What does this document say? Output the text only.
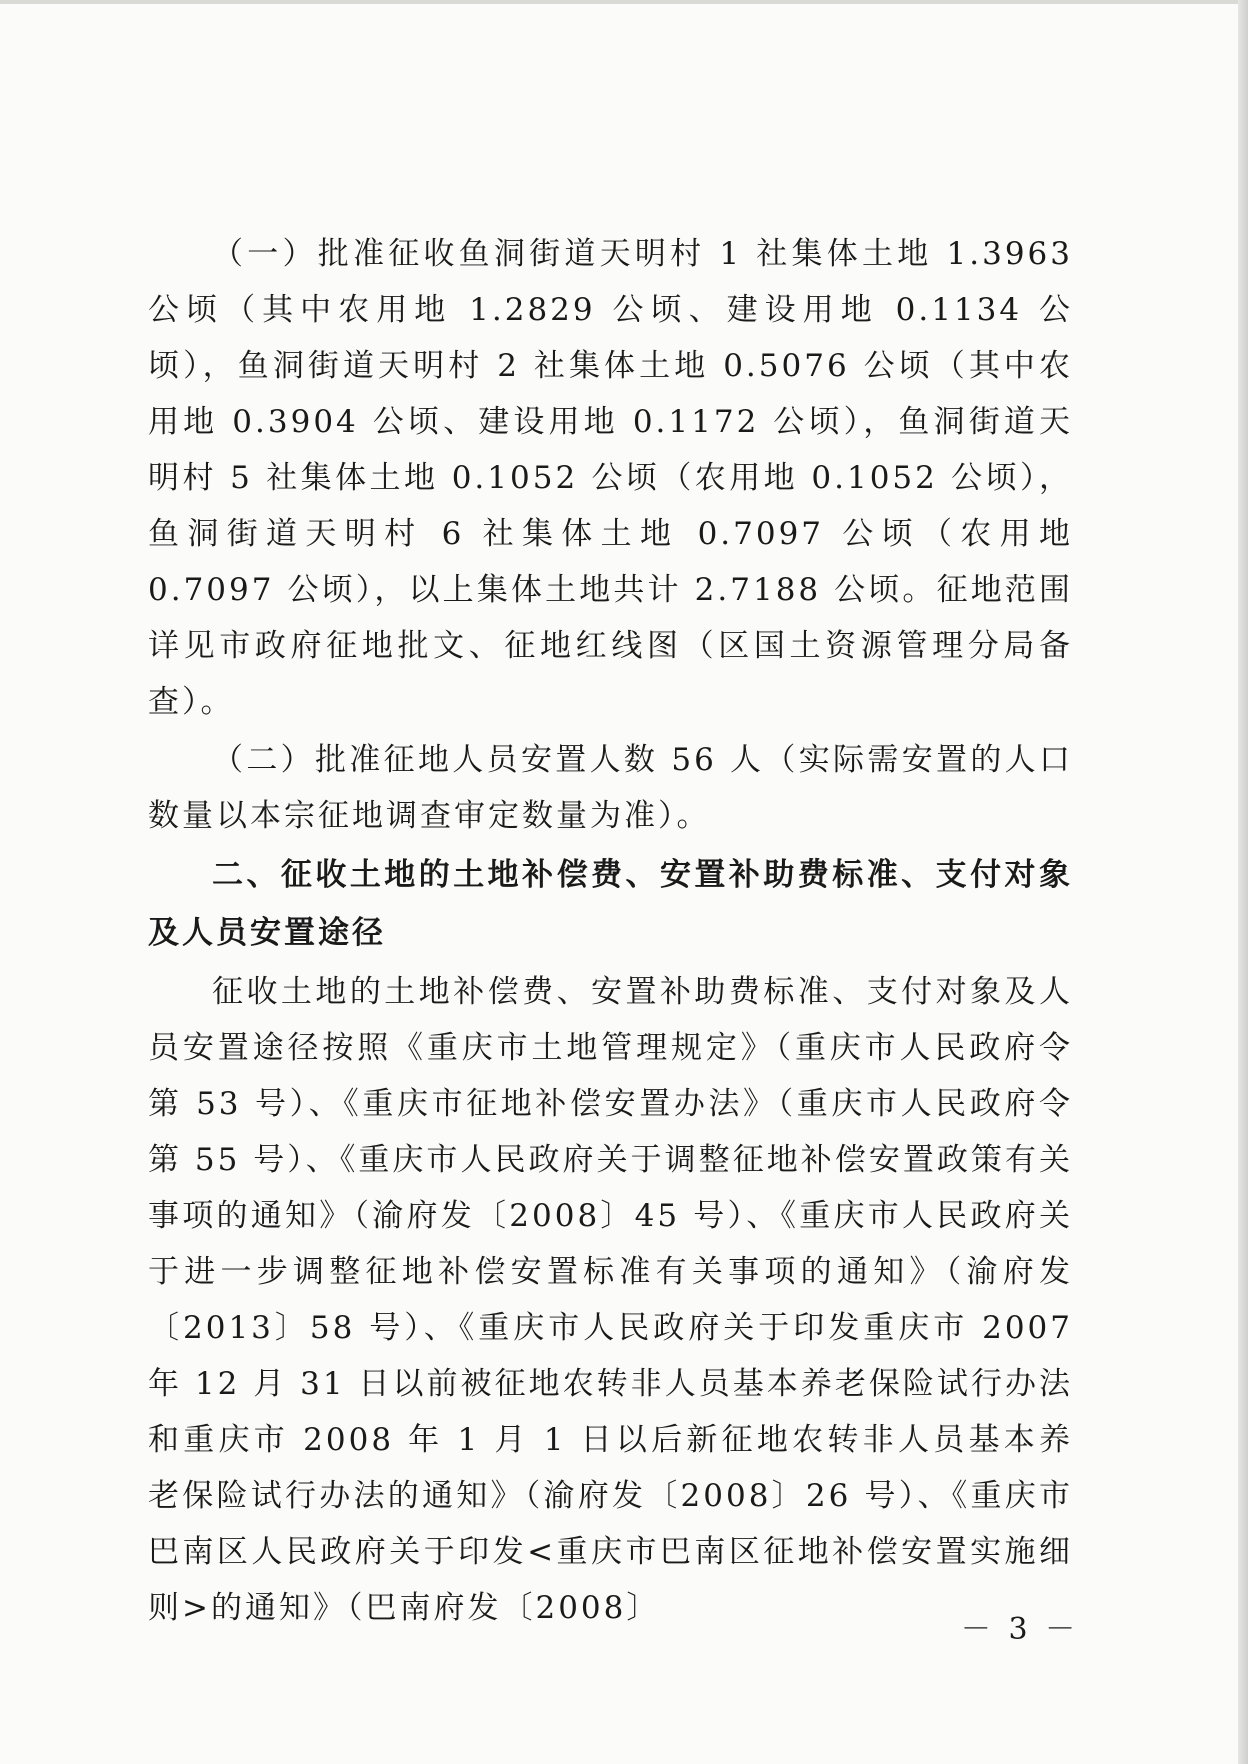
（一）批准征收鱼洞街道天明村 1 社集体土地 1.3963 公顷（其中农用地 1.2829 公顷、建设用地 0.1134 公顷），鱼洞街道天明村 2 社集体土地 0.5076 公顷（其中农用地 0.3904 公顷、建设用地 0.1172 公顷），鱼洞街道天明村 5 社集体土地 0.1052 公顷（农用地 0.1052 公顷），鱼洞街道天明村 6 社集体土地 0.7097 公顷（农用地 0.7097 公顷），以上集体土地共计 2.7188 公顷。征地范围详见市政府征地批文、征地红线图（区国土资源管理分局备查）。

（二）批准征地人员安置人数 56 人（实际需安置的人口数量以本宗征地调查审定数量为准）。

二、征收土地的土地补偿费、安置补助费标准、支付对象及人员安置途径

征收土地的土地补偿费、安置补助费标准、支付对象及人员安置途径按照《重庆市土地管理规定》（重庆市人民政府令第 53 号）、《重庆市征地补偿安置办法》（重庆市人民政府令第 55 号）、《重庆市人民政府关于调整征地补偿安置政策有关事项的通知》（渝府发〔2008〕45 号）、《重庆市人民政府关于进一步调整征地补偿安置标准有关事项的通知》（渝府发〔2013〕58 号）、《重庆市人民政府关于印发重庆市 2007 年 12 月 31 日以前被征地农转非人员基本养老保险试行办法和重庆市 2008 年 1 月 1 日以后新征地农转非人员基本养老保险试行办法的通知》（渝府发〔2008〕26 号）、《重庆市巴南区人民政府关于印发<重庆市巴南区征地补偿安置实施细则>的通知》（巴南府发〔2008〕

－ 3 －
